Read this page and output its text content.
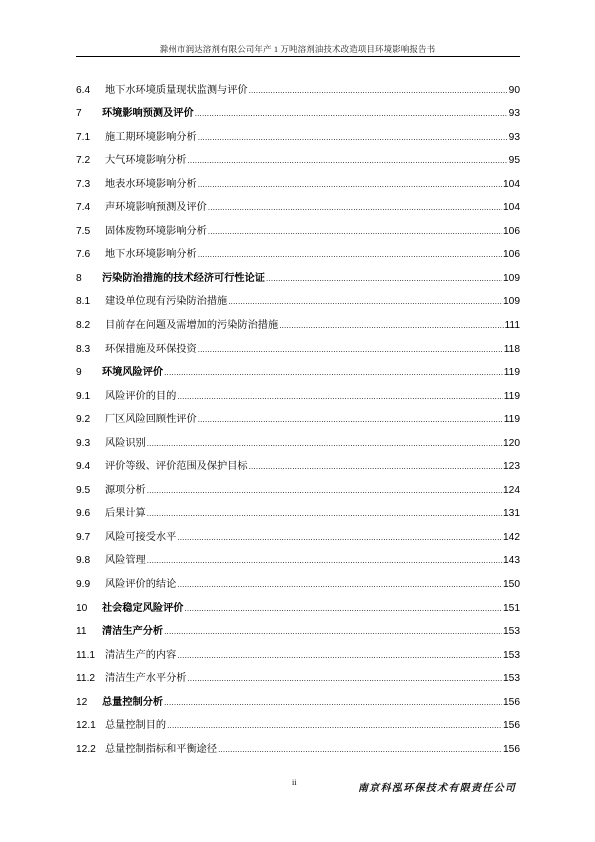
滁州市润达溶剂有限公司年产 1 万吨溶剂油技术改造项目环境影响报告书
6.4	地下水环境质量现状监测与评价 .....	90
7	环境影响预测及评价 .....	93
7.1	施工期环境影响分析 .....	93
7.2	大气环境影响分析 .....	95
7.3	地表水环境影响分析 .....	104
7.4	声环境影响预测及评价 .....	104
7.5	固体废物环境影响分析 .....	106
7.6	地下水环境影响分析 .....	106
8	污染防治措施的技术经济可行性论证 .....	109
8.1	建设单位现有污染防治措施 .....	109
8.2	目前存在问题及需增加的污染防治措施 .....	111
8.3	环保措施及环保投资 .....	118
9	环境风险评价 .....	119
9.1	风险评价的目的 .....	119
9.2	厂区风险回顾性评价 .....	119
9.3	风险识别 .....	120
9.4	评价等级、评价范围及保护目标 .....	123
9.5	源项分析 .....	124
9.6	后果计算 .....	131
9.7	风险可接受水平 .....	142
9.8	风险管理 .....	143
9.9	风险评价的结论 .....	150
10	社会稳定风险评价 .....	151
11	清洁生产分析 .....	153
11.1 清洁生产的内容 .....	153
11.2 清洁生产水平分析 .....	153
12	总量控制分析 .....	156
12.1 总量控制目的 .....	156
12.2 总量控制指标和平衡途径 .....	156
ii
南京科泓环保技术有限责任公司
